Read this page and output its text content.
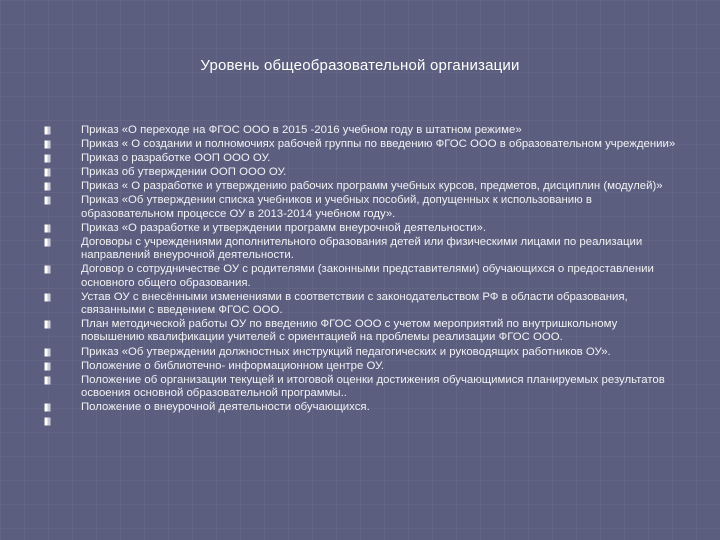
Уровень общеобразовательной организации
Приказ «О переходе на ФГОС ООО в 2015 -2016 учебном году в штатном режиме»
Приказ « О создании и полномочиях рабочей группы по введению ФГОС ООО в образовательном учреждении»
Приказ о разработке ООП ООО ОУ.
Приказ об утверждении ООП ООО ОУ.
Приказ « О разработке и утверждению рабочих программ учебных курсов, предметов, дисциплин (модулей)»
Приказ «Об утверждении списка учебников и учебных пособий, допущенных к использованию в образовательном процессе ОУ в 2013-2014 учебном году».
Приказ «О разработке и утверждении программ внеурочной деятельности».
Договоры с учреждениями дополнительного образования детей или физическими лицами по реализации направлений внеурочной деятельности.
Договор о сотрудничестве ОУ с родителями (законными представителями) обучающихся о предоставлении основного общего образования.
Устав ОУ с внесёнными изменениями в соответствии с законодательством РФ в области образования, связанными с введением ФГОС ООО.
План методической работы ОУ по введению ФГОС ООО с учетом мероприятий по внутришкольному повышению квалификации учителей с ориентацией на проблемы реализации ФГОС ООО.
Приказ «Об утверждении должностных инструкций педагогических и руководящих работников ОУ».
Положение о библиотечно- информационном центре ОУ.
Положение об организации текущей и итоговой оценки достижения обучающимися планируемых результатов освоения основной образовательной программы..
Положение о внеурочной деятельности обучающихся.
